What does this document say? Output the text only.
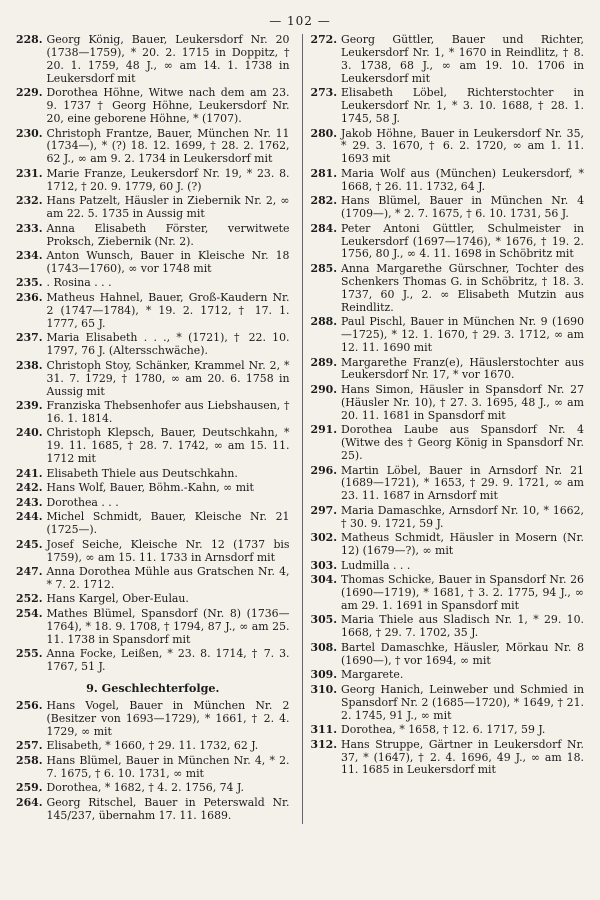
— 102 —
228. Georg König, Bauer, Leukersdorf Nr. 20 (1738—1759), * 20. 2. 1715 in Doppitz, † 20. 1. 1759, 48 J., ∞ am 14. 1. 1738 in Leukersdorf mit
229. Dorothea Höhne, Witwe nach dem am 23. 9. 1737 † Georg Höhne, Leukersdorf Nr. 20, eine geborene Höhne, * (1707).
230. Christoph Frantze, Bauer, München Nr. 11 (1734—), * (?) 18. 12. 1699, † 28. 2. 1762, 62 J., ∞ am 9. 2. 1734 in Leukersdorf mit
231. Marie Franze, Leukersdorf Nr. 19, * 23. 8. 1712, † 20. 9. 1779, 60 J. (?)
232. Hans Patzelt, Häusler in Ziebernik Nr. 2, ∞ am 22. 5. 1735 in Aussig mit
233. Anna Elisabeth Förster, verwitwete Proksch, Ziebernik (Nr. 2).
234. Anton Wunsch, Bauer in Kleische Nr. 18 (1743—1760), ∞ vor 1748 mit
235. . Rosina . . .
236. Matheus Hahnel, Bauer, Groß-Kaudern Nr. 2 (1747—1784), * 19. 2. 1712, † 17. 1. 1777, 65 J.
237. Maria Elisabeth . . ., * (1721), † 22. 10. 1797, 76 J. (Altersschwäche).
238. Christoph Stoy, Schänker, Krammel Nr. 2, * 31. 7. 1729, † 1780, ∞ am 20. 6. 1758 in Aussig mit
239. Franziska Thebsenhofer aus Liebshausen, † 16. 1. 1814.
240. Christoph Klepsch, Bauer, Deutschkahn, * 19. 11. 1685, † 28. 7. 1742, ∞ am 15. 11. 1712 mit
241. Elisabeth Thiele aus Deutschkahn.
242. Hans Wolf, Bauer, Böhm.-Kahn, ∞ mit
243. Dorothea . . .
244. Michel Schmidt, Bauer, Kleische Nr. 21 (1725—).
245. Josef Seiche, Kleische Nr. 12 (1737 bis 1759), ∞ am 15. 11. 1733 in Arnsdorf mit
247. Anna Dorothea Mühle aus Gratschen Nr. 4, * 7. 2. 1712.
252. Hans Kargel, Ober-Eulau.
254. Mathes Blümel, Spansdorf (Nr. 8) (1736—1764), * 18. 9. 1708, † 1794, 87 J., ∞ am 25. 11. 1738 in Spansdorf mit
255. Anna Focke, Leißen, * 23. 8. 1714, † 7. 3. 1767, 51 J.
9. Geschlechterfolge.
256. Hans Vogel, Bauer in München Nr. 2 (Besitzer von 1693—1729), * 1661, † 2. 4. 1729, ∞ mit
257. Elisabeth, * 1660, † 29. 11. 1732, 62 J.
258. Hans Blümel, Bauer in München Nr. 4, * 2. 7. 1675, † 6. 10. 1731, ∞ mit
259. Dorothea, * 1682, † 4. 2. 1756, 74 J.
264. Georg Ritschel, Bauer in Peterswald Nr. 145/237, übernahm 17. 11. 1689.
272. Georg Güttler, Bauer und Richter, Leukersdorf Nr. 1, * 1670 in Reindlitz, † 8. 3. 1738, 68 J., ∞ am 19. 10. 1706 in Leukersdorf mit
273. Elisabeth Löbel, Richterstochter in Leukersdorf Nr. 1, * 3. 10. 1688, † 28. 1. 1745, 58 J.
280. Jakob Höhne, Bauer in Leukersdorf Nr. 35, * 29. 3. 1670, † 6. 2. 1720, ∞ am 1. 11. 1693 mit
281. Maria Wolf aus (München) Leukersdorf, * 1668, † 26. 11. 1732, 64 J.
282. Hans Blümel, Bauer in München Nr. 4 (1709—), * 2. 7. 1675, † 6. 10. 1731, 56 J.
284. Peter Antoni Güttler, Schulmeister in Leukersdorf (1697—1746), * 1676, † 19. 2. 1756, 80 J., ∞ 4. 11. 1698 in Schöbritz mit
285. Anna Margarethe Gürschner, Tochter des Schenkers Thomas G. in Schöbritz, † 18. 3. 1737, 60 J., 2. ∞ Elisabeth Mutzin aus Reindlitz.
288. Paul Pischl, Bauer in München Nr. 9 (1690—1725), * 12. 1. 1670, † 29. 3. 1712, ∞ am 12. 11. 1690 mit
289. Margarethe Franz(e), Häuslerstochter aus Leukersdorf Nr. 17, * vor 1670.
290. Hans Simon, Häusler in Spansdorf Nr. 27 (Häusler Nr. 10), † 27. 3. 1695, 48 J., ∞ am 20. 11. 1681 in Spansdorf mit
291. Dorothea Laube aus Spansdorf Nr. 4 (Witwe des † Georg König in Spansdorf Nr. 25).
296. Martin Löbel, Bauer in Arnsdorf Nr. 21 (1689—1721), * 1653, † 29. 9. 1721, ∞ am 23. 11. 1687 in Arnsdorf mit
297. Maria Damaschke, Arnsdorf Nr. 10, * 1662, † 30. 9. 1721, 59 J.
302. Matheus Schmidt, Häusler in Mosern (Nr. 12) (1679—?), ∞ mit
303. Ludmilla . . .
304. Thomas Schicke, Bauer in Spansdorf Nr. 26 (1690—1719), * 1681, † 3. 2. 1775, 94 J., ∞ am 29. 1. 1691 in Spansdorf mit
305. Maria Thiele aus Sladisch Nr. 1, * 29. 10. 1668, † 29. 7. 1702, 35 J.
308. Bartel Damaschke, Häusler, Mörkau Nr. 8 (1690—), † vor 1694, ∞ mit
309. Margarete.
310. Georg Hanich, Leinweber und Schmied in Spansdorf Nr. 2 (1685—1720), * 1649, † 21. 2. 1745, 91 J., ∞ mit
311. Dorothea, * 1658, † 12. 6. 1717, 59 J.
312. Hans Struppe, Gärtner in Leukersdorf Nr. 37, * (1647), † 2. 4. 1696, 49 J., ∞ am 18. 11. 1685 in Leukersdorf mit
